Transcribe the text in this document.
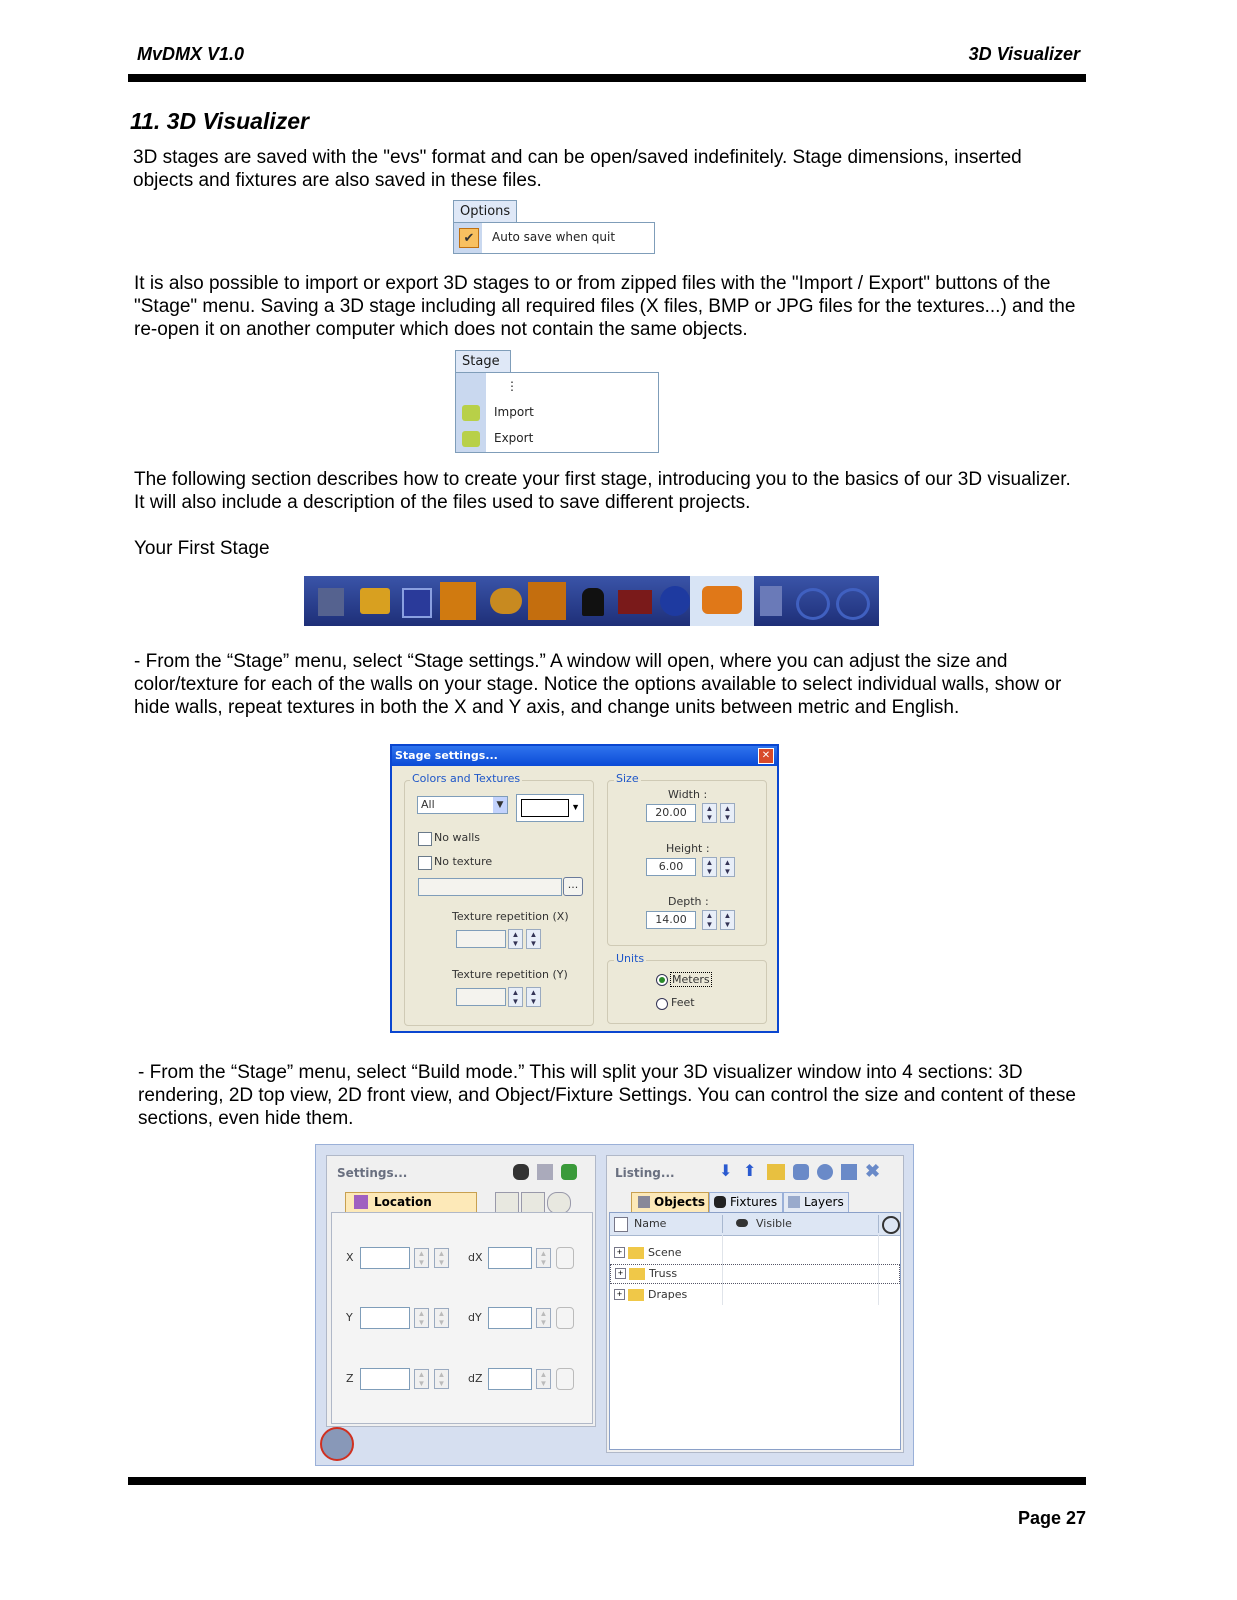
MvDMX V1.0	3D Visualizer
11. 3D Visualizer
3D stages are saved with the "evs" format and can be open/saved indefinitely. Stage dimensions, inserted objects and fixtures are also saved in these files.
Options
✔	Auto save when quit
It is also possible to import or export 3D stages to or from zipped files with the "Import / Export" buttons of the "Stage" menu. Saving a 3D stage including all required files (X files, BMP or JPG files for the textures...) and the re-open it on another computer which does not contain the same objects.
Stage
⋮
Import
Export
The following section describes how to create your first stage, introducing you to the basics of our 3D visualizer. It will also include a description of the files used to save different projects.
Your First Stage
- From the “Stage” menu, select “Stage settings.” A window will open, where you can adjust the size and color/texture for each of the walls on your stage. Notice the options available to select individual walls, show or hide walls, repeat textures in both the X and Y axis, and change units between metric and English.
Stage settings...	✕
Colors and Textures
All	▼	▼
No walls
No texture
...
Texture repetition (X)
▲
▼
▲
▼
Texture repetition (Y)
▲
▼
▲
▼
Size
Width :
20.00	▲
▼
▲
▼
Height :
6.00	▲
▼
▲
▼
Depth :
14.00	▲
▼
▲
▼
Units
Meters
Feet
- From the “Stage” menu, select “Build mode.” This will split your 3D visualizer window into 4 sections: 3D rendering, 2D top view, 2D front view, and Object/Fixture Settings. You can control the size and content of these sections, even hide them.
Settings...
Location
X	▲
▼
▲
▼	dX	▲
▼
Y	▲
▼
▲
▼	dY	▲
▼
Z	▲
▼
▲
▼	dZ	▲
▼
Listing...	⬇ ⬆	✖
Objects Fixtures Layers
Name	Visible
+ Scene
+ Truss
+ Drapes
Page 27
